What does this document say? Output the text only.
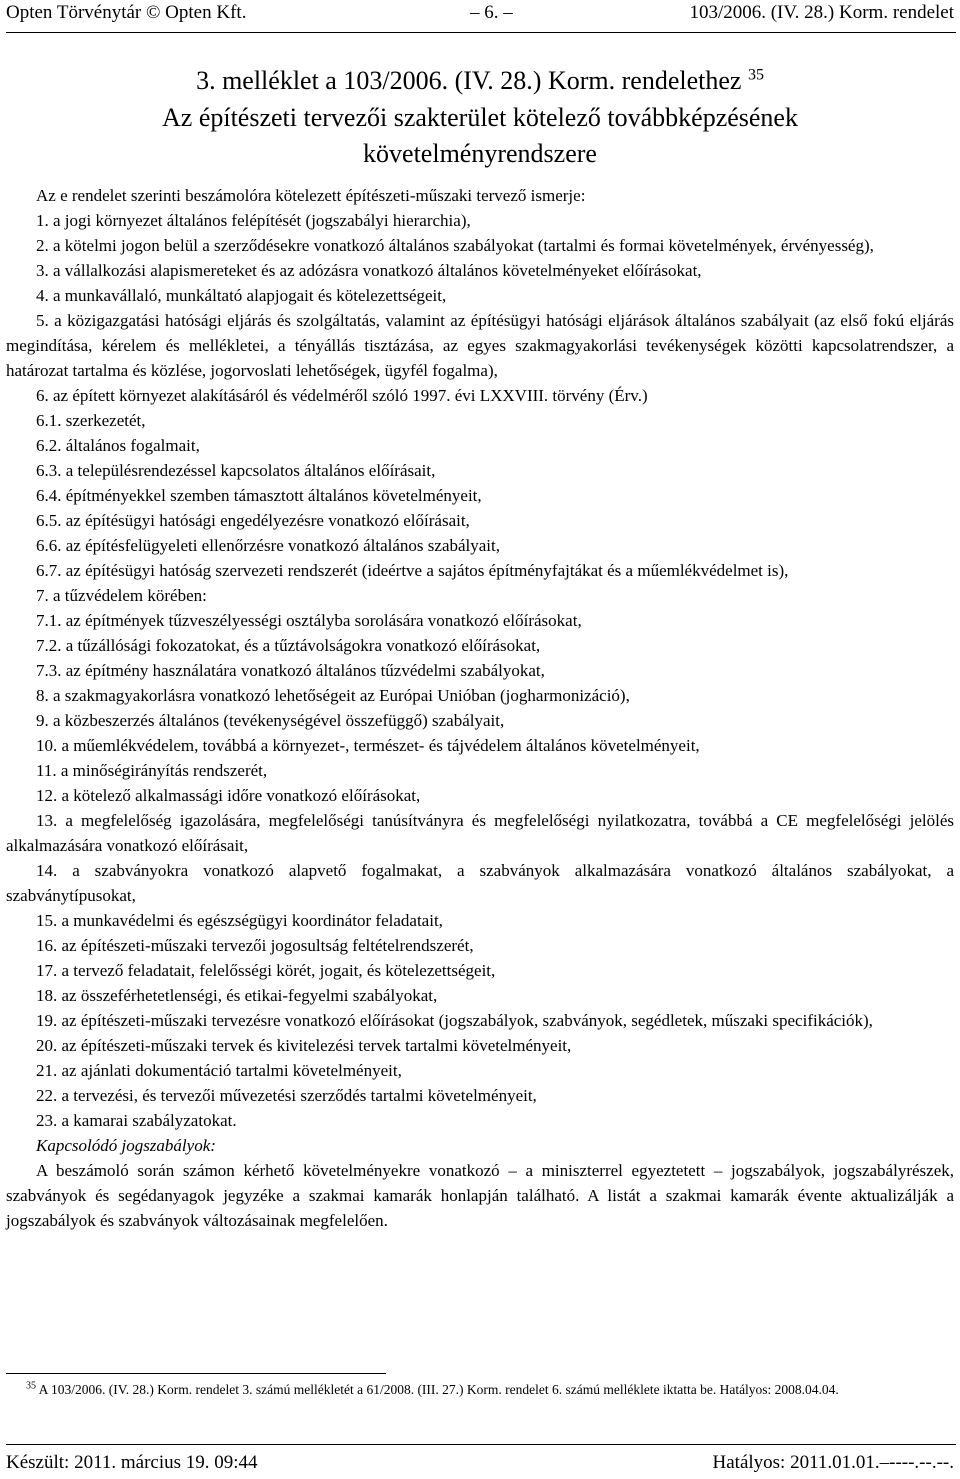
Opten Törvénytár © Opten Kft.	– 6. –	103/2006. (IV. 28.) Korm. rendelet
3. melléklet a 103/2006. (IV. 28.) Korm. rendelethez $^{35}$
Az építészeti tervezői szakterület kötelező továbbképzésének
követelményrendszere

Az e rendelet szerinti beszámolóra kötelezett építészeti-műszaki tervező ismerje:

1. a jogi környezet általános felépítését (jogszabályi hierarchia),

2. a kötelmi jogon belül a szerződésekre vonatkozó általános szabályokat (tartalmi és formai követelmények, érvényesség),

3. a vállalkozási alapismereteket és az adózásra vonatkozó általános követelményeket előírásokat,

4. a munkavállaló, munkáltató alapjogait és kötelezettségeit,

5. a közigazgatási hatósági eljárás és szolgáltatás, valamint az építésügyi hatósági eljárások általános szabályait (az első fokú eljárás megindítása, kérelem és mellékletei, a tényállás tisztázása, az egyes szakmagyakorlási tevékenységek közötti kapcsolatrendszer, a határozat tartalma és közlése, jogorvoslati lehetőségek, ügyfél fogalma),

6. az épített környezet alakításáról és védelméről szóló 1997. évi LXXVIII. törvény (Érv.)

6.1. szerkezetét,

6.2. általános fogalmait,

6.3. a településrendezéssel kapcsolatos általános előírásait,

6.4. építményekkel szemben támasztott általános követelményeit,

6.5. az építésügyi hatósági engedélyezésre vonatkozó előírásait,

6.6. az építésfelügyeleti ellenőrzésre vonatkozó általános szabályait,

6.7. az építésügyi hatóság szervezeti rendszerét (ideértve a sajátos építményfajtákat és a műemlékvédelmet is),

7. a tűzvédelem körében:

7.1. az építmények tűzveszélyességi osztályba sorolására vonatkozó előírásokat,

7.2. a tűzállósági fokozatokat, és a tűztávolságokra vonatkozó előírásokat,

7.3. az építmény használatára vonatkozó általános tűzvédelmi szabályokat,

8. a szakmagyakorlásra vonatkozó lehetőségeit az Európai Unióban (jogharmonizáció),

9. a közbeszerzés általános (tevékenységével összefüggő) szabályait,

10. a műemlékvédelem, továbbá a környezet-, természet- és tájvédelem általános követelményeit,

11. a minőségirányítás rendszerét,

12. a kötelező alkalmassági időre vonatkozó előírásokat,

13. a megfelelőség igazolására, megfelelőségi tanúsítványra és megfelelőségi nyilatkozatra, továbbá a CE megfelelőségi jelölés alkalmazására vonatkozó előírásait,

14. a szabványokra vonatkozó alapvető fogalmakat, a szabványok alkalmazására vonatkozó általános szabályokat, a szabványtípusokat,

15. a munkavédelmi és egészségügyi koordinátor feladatait,

16. az építészeti-műszaki tervezői jogosultság feltételrendszerét,

17. a tervező feladatait, felelősségi körét, jogait, és kötelezettségeit,

18. az összeférhetetlenségi, és etikai-fegyelmi szabályokat,

19. az építészeti-műszaki tervezésre vonatkozó előírásokat (jogszabályok, szabványok, segédletek, műszaki specifikációk),

20. az építészeti-műszaki tervek és kivitelezési tervek tartalmi követelményeit,

21. az ajánlati dokumentáció tartalmi követelményeit,

22. a tervezési, és tervezői művezetési szerződés tartalmi követelményeit,

23. a kamarai szabályzatokat.

Kapcsolódó jogszabályok:

A beszámoló során számon kérhető követelményekre vonatkozó – a miniszterrel egyeztetett – jogszabályok, jogszabályrészek, szabványok és segédanyagok jegyzéke a szakmai kamarák honlapján található. A listát a szakmai kamarák évente aktualizálják a jogszabályok és szabványok változásainak megfelelően.

$^{35}$ A 103/2006. (IV. 28.) Korm. rendelet 3. számú mellékletét a 61/2008. (III. 27.) Korm. rendelet 6. számú melléklete iktatta be. Hatályos: 2008.04.04.
Készült: 2011. március 19. 09:44	Hatályos: 2011.01.01.–----.--.--.
